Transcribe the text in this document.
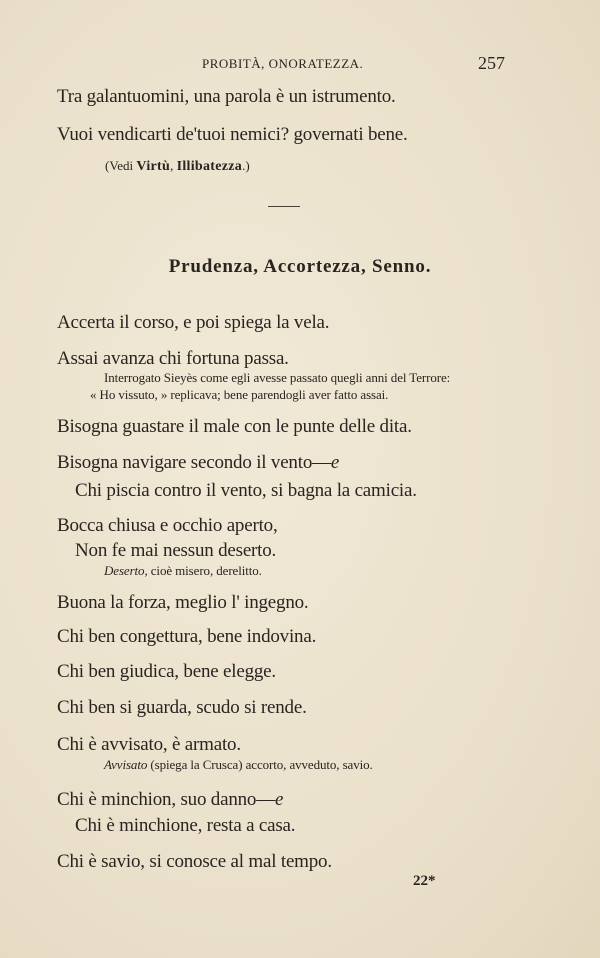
PROBITÀ, ONORATEZZA.	257
Tra galantuomini, una parola è un istrumento.
Vuoi vendicarti de'tuoi nemici? governati bene.
(Vedi Virtù, Illibatezza.)
Prudenza, Accortezza, Senno.
Accerta il corso, e poi spiega la vela.
Assai avanza chi fortuna passa.
Interrogato Sieyès come egli avesse passato quegli anni del Terrore:
« Ho vissuto, » replicava; bene parendogli aver fatto assai.
Bisogna guastare il male con le punte delle dita.
Bisogna navigare secondo il vento—e
Chi piscia contro il vento, si bagna la camicia.
Bocca chiusa e occhio aperto,
Non fe mai nessun deserto.
Deserto, cioè misero, derelitto.
Buona la forza, meglio l' ingegno.
Chi ben congettura, bene indovina.
Chi ben giudica, bene elegge.
Chi ben si guarda, scudo si rende.
Chi è avvisato, è armato.
Avvisato (spiega la Crusca) accorto, avveduto, savio.
Chi è minchion, suo danno—e
Chi è minchione, resta a casa.
Chi è savio, si conosce al mal tempo.
22*
